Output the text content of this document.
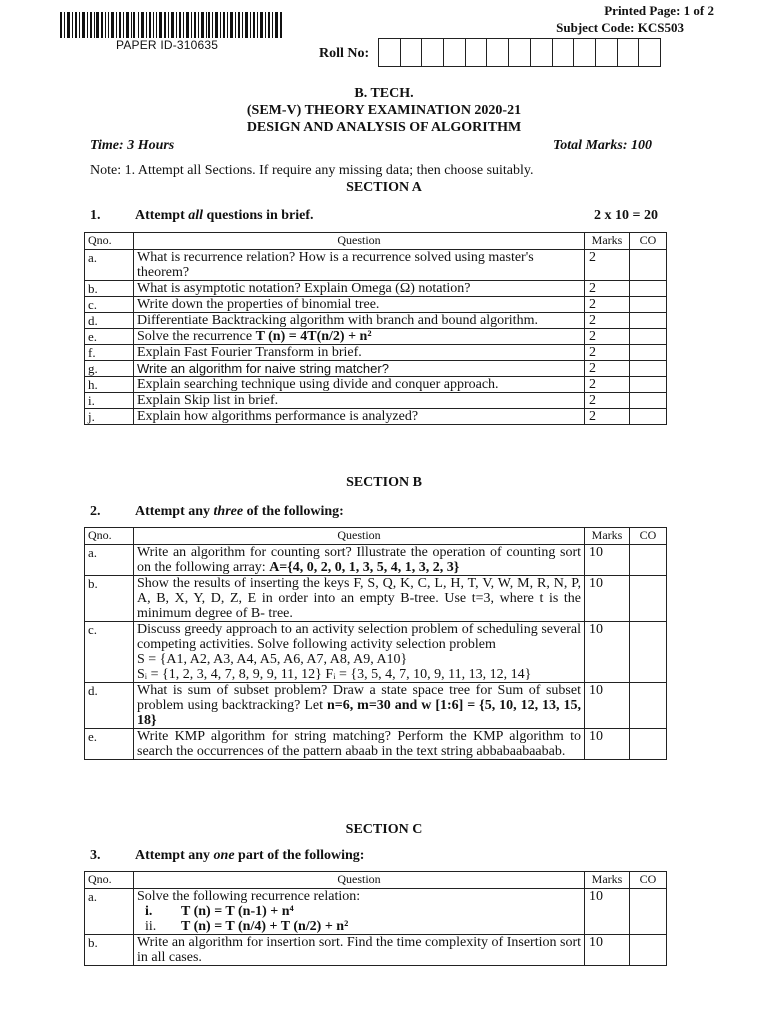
PAPER ID-310635
Printed Page: 1 of 2
Subject Code: KCS503
Roll No:
B. TECH.
(SEM-V) THEORY EXAMINATION 2020-21
DESIGN AND ANALYSIS OF ALGORITHM
Time: 3 Hours	Total Marks: 100
Note: 1. Attempt all Sections. If require any missing data; then choose suitably.
SECTION A
1. Attempt all questions in brief.	2 x 10 = 20
Qno.	Question	Marks	CO
a.	What is recurrence relation? How is a recurrence solved using master's theorem?	2	
b.	What is asymptotic notation? Explain Omega (Ω) notation?	2	
c.	Write down the properties of binomial tree.	2	
d.	Differentiate Backtracking algorithm with branch and bound algorithm.	2	
e.	Solve the recurrence T (n) = 4T(n/2) + n²	2	
f.	Explain Fast Fourier Transform in brief.	2	
g.	Write an algorithm for naive string matcher?	2	
h.	Explain searching technique using divide and conquer approach.	2	
i.	Explain Skip list in brief.	2	
j.	Explain how algorithms performance is analyzed?	2	
SECTION B
2. Attempt any three of the following:
Qno.	Question	Marks	CO
a.	Write an algorithm for counting sort? Illustrate the operation of counting sort on the following array: A={4, 0, 2, 0, 1, 3, 5, 4, 1, 3, 2, 3}	10	
b.	Show the results of inserting the keys F, S, Q, K, C, L, H, T, V, W, M, R, N, P, A, B, X, Y, D, Z, E in order into an empty B-tree. Use t=3, where t is the minimum degree of B- tree.	10	
c.	Discuss greedy approach to an activity selection problem of scheduling several competing activities. Solve following activity selection problem
S = {A1, A2, A3, A4, A5, A6, A7, A8, A9, A10}
Sᵢ = {1, 2, 3, 4, 7, 8, 9, 9, 11, 12} Fᵢ = {3, 5, 4, 7, 10, 9, 11, 13, 12, 14}	10	
d.	What is sum of subset problem? Draw a state space tree for Sum of subset problem using backtracking? Let n=6, m=30 and w [1:6] = {5, 10, 12, 13, 15, 18}	10	
e.	Write KMP algorithm for string matching? Perform the KMP algorithm to search the occurrences of the pattern abaab in the text string abbabaabaabab.	10	
SECTION C
3. Attempt any one part of the following:
Qno.	Question	Marks	CO
a.	Solve the following recurrence relation:
i. T (n) = T (n-1) + n⁴
ii. T (n) = T (n/4) + T (n/2) + n²	10	
b.	Write an algorithm for insertion sort. Find the time complexity of Insertion sort in all cases.	10	
